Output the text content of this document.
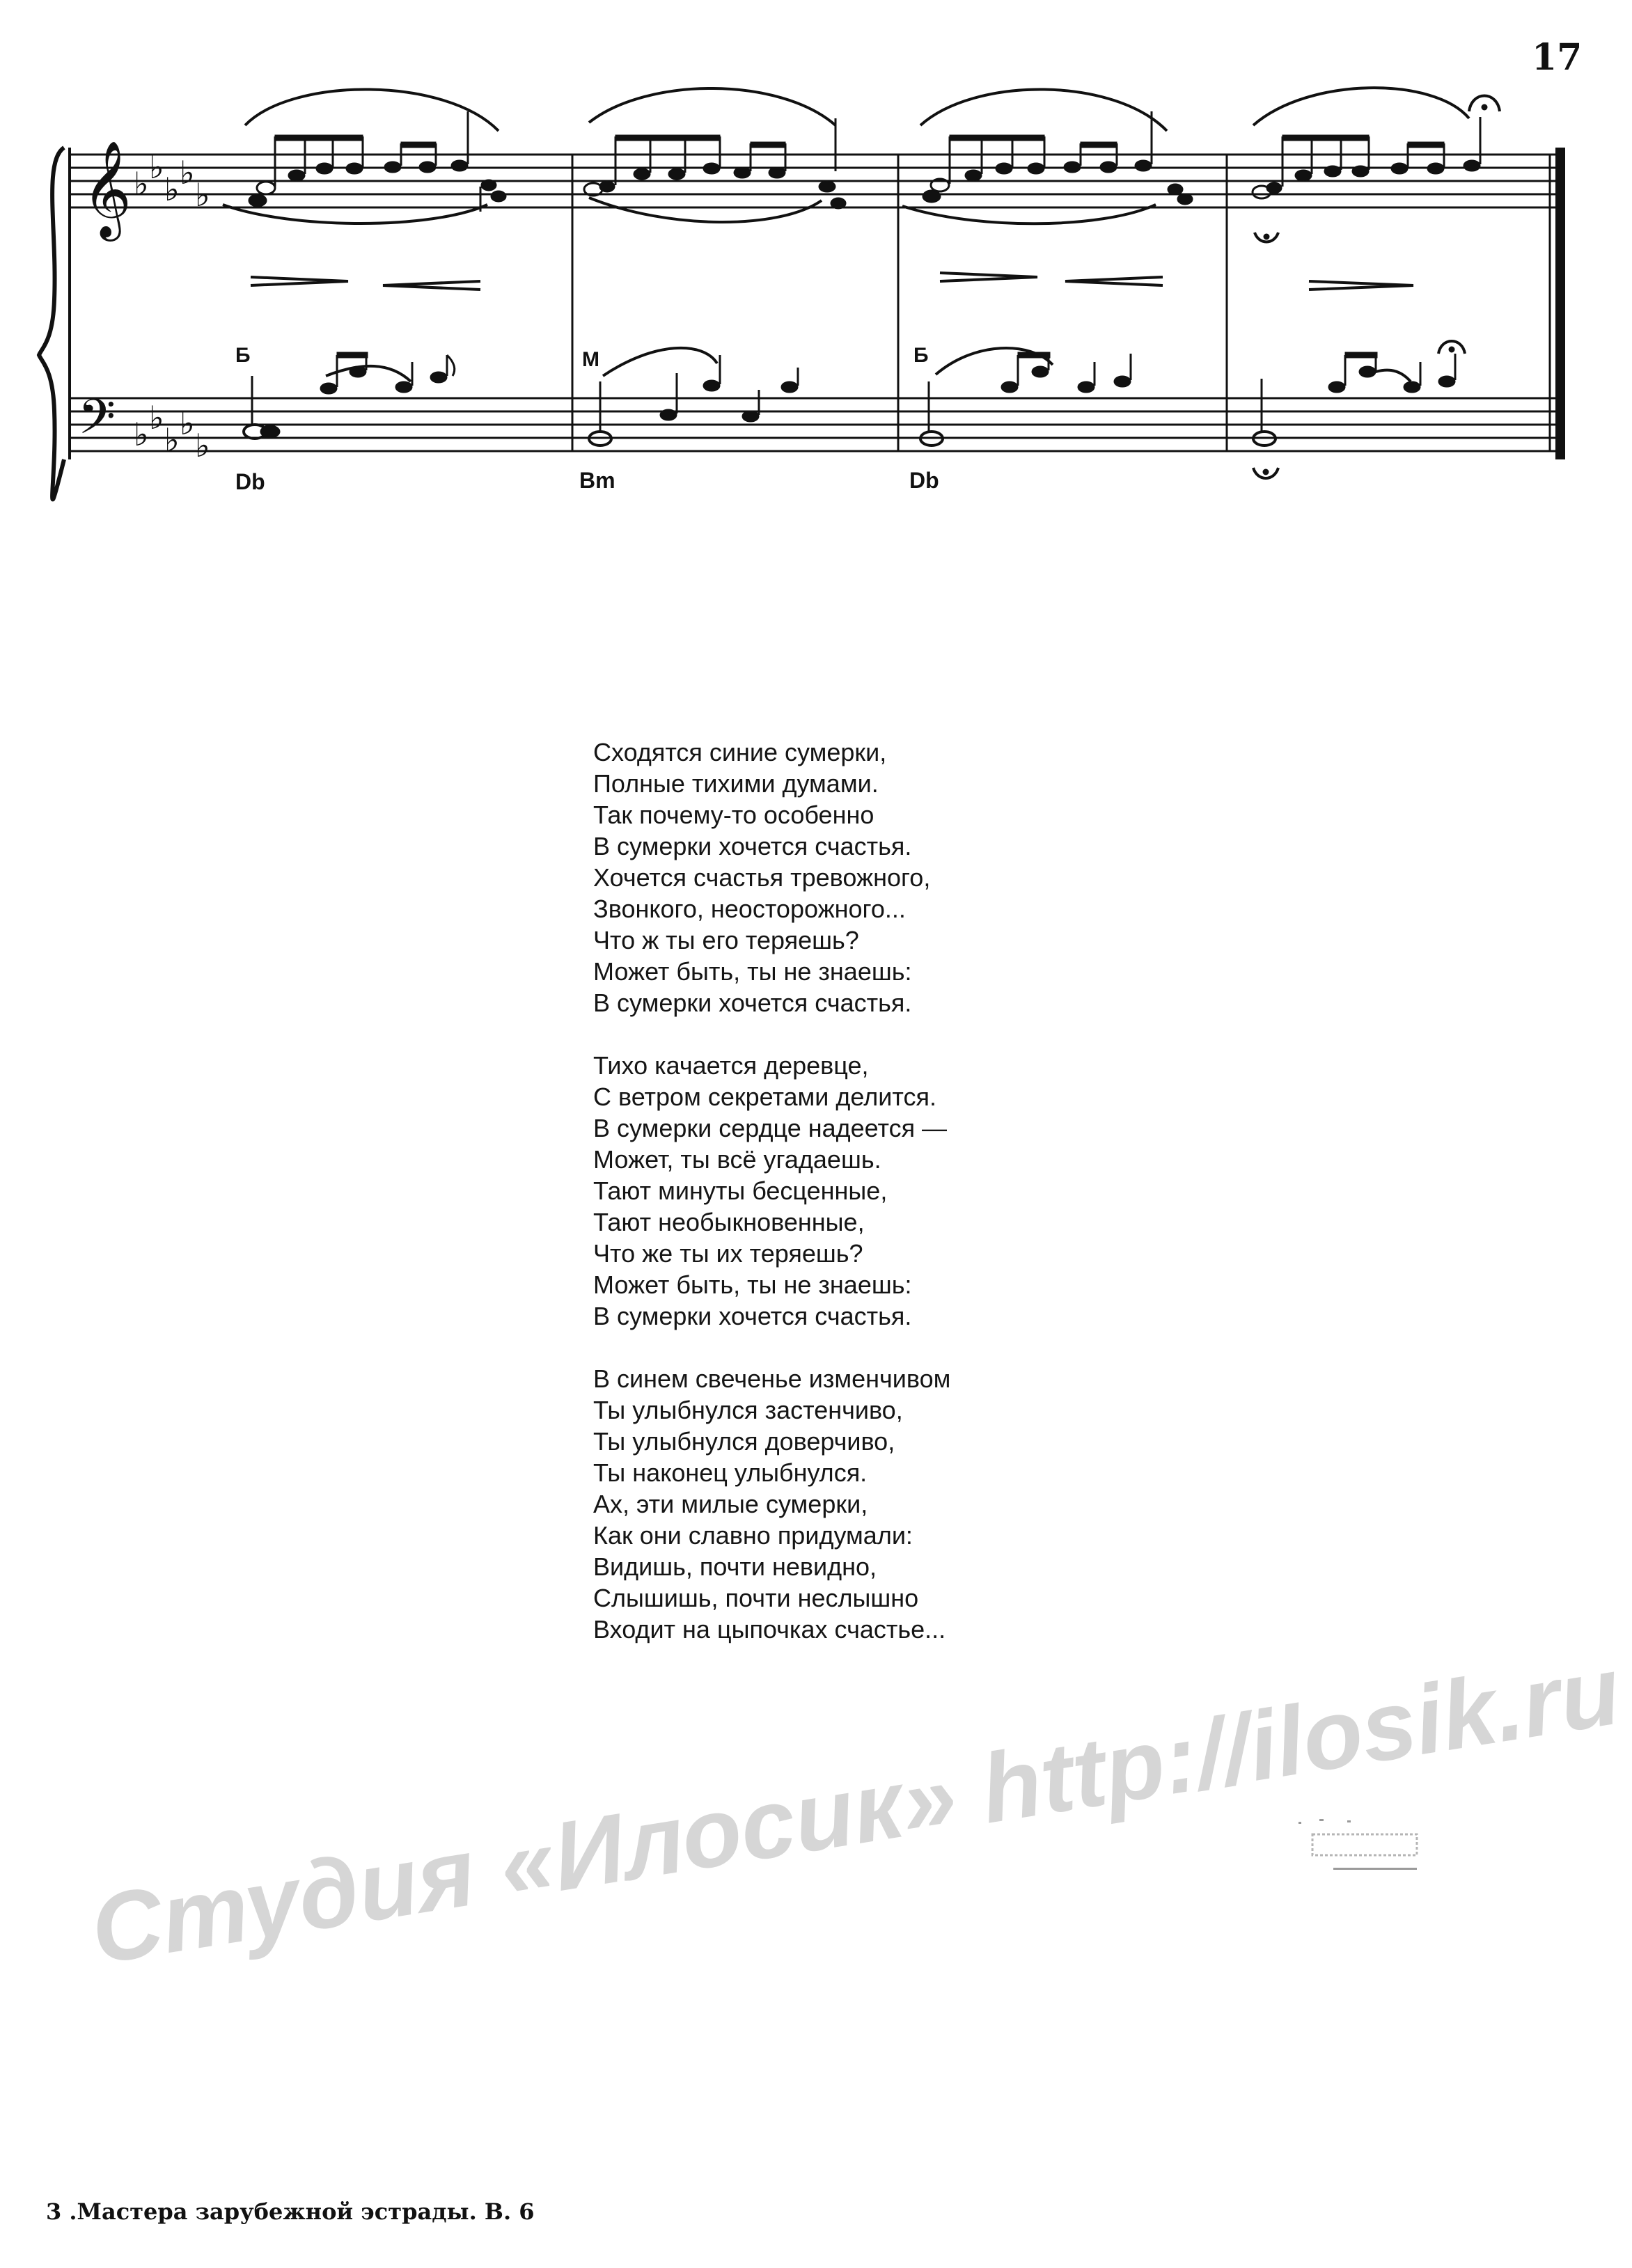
17
𝄞
𝄢
♭ ♭
♭ ♭
♭
♭ ♭
♭ ♭
♭
Б	М	Б
Db	Bm	Db
Сходятся синие сумерки,
Полные тихими думами.
Так почему-то особенно
В сумерки хочется счастья.
Хочется счастья тревожного,
Звонкого, неосторожного...
Что ж ты его теряешь?
Может быть, ты не знаешь:
В сумерки хочется счастья.
Тихо качается деревце,
С ветром секретами делится.
В сумерки сердце надеется —
Может, ты всё угадаешь.
Тают минуты бесценные,
Тают необыкновенные,
Что же ты их теряешь?
Может быть, ты не знаешь:
В сумерки хочется счастья.
В синем свеченье изменчивом
Ты улыбнулся застенчиво,
Ты улыбнулся доверчиво,
Ты наконец улыбнулся.
Ах, эти милые сумерки,
Как они славно придумали:
Видишь, почти невидно,
Слышишь, почти неслышно
Входит на цыпочках счастье...
Студия «Илосик» http://ilosik.ru
3 .Мастера зарубежной эстрады. В. 6
